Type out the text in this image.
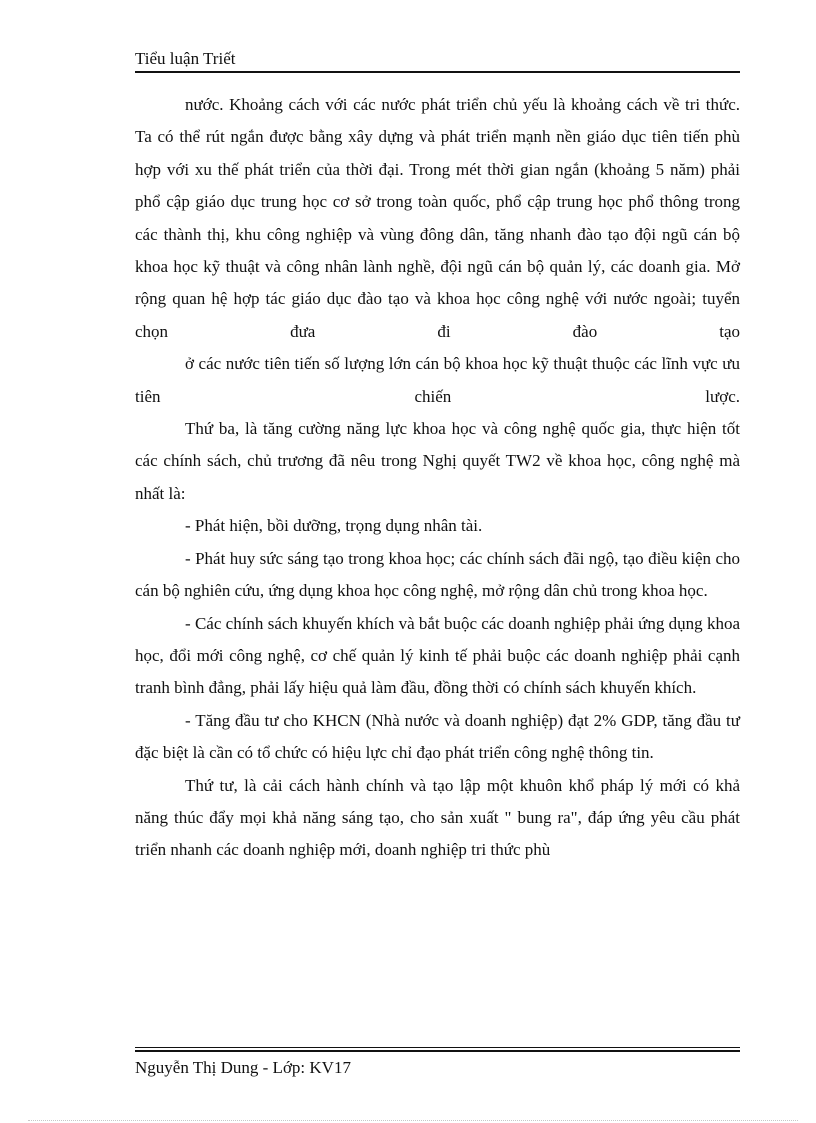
Tiểu luận Triết

nước. Khoảng cách với các nước phát triển chủ yếu là khoảng cách về tri thức. Ta có thể rút ngắn được bằng xây dựng và phát triển mạnh nền giáo dục tiên tiến phù hợp với xu thế phát triển của thời đại. Trong mét thời gian ngắn (khoảng 5 năm) phải phổ cập giáo dục trung học cơ sở trong toàn quốc, phổ cập trung học phổ thông trong các thành thị, khu công nghiệp và vùng đông dân, tăng nhanh đào tạo đội ngũ cán bộ khoa học kỹ thuật và công nhân lành nghề, đội ngũ cán bộ quản lý, các doanh gia. Mở rộng quan hệ hợp tác giáo dục đào tạo và khoa học công nghệ với nước ngoài; tuyển chọn đưa đi đào tạo

ở các nước tiên tiến số lượng lớn cán bộ khoa học kỹ thuật thuộc các lĩnh vực ưu tiên chiến lược.

Thứ ba, là tăng cường năng lực khoa học và công nghệ quốc gia, thực hiện tốt các chính sách, chủ trương đã nêu trong Nghị quyết TW2 về khoa học, công nghệ mà nhất là:

- Phát hiện, bồi dưỡng, trọng dụng nhân tài.

- Phát huy sức sáng tạo trong khoa học; các chính sách đãi ngộ, tạo điều kiện cho cán bộ nghiên cứu, ứng dụng khoa học công nghệ, mở rộng dân chủ trong khoa học.

- Các chính sách khuyến khích và bắt buộc các doanh nghiệp phải ứng dụng khoa học, đổi mới công nghệ, cơ chế quản lý kinh tế phải buộc các doanh nghiệp phải cạnh tranh bình đẳng, phải lấy hiệu quả làm đầu, đồng thời có chính sách khuyến khích.

- Tăng đầu tư cho KHCN (Nhà nước và doanh nghiệp) đạt 2% GDP, tăng đầu tư đặc biệt là cần có tổ chức có hiệu lực chỉ đạo phát triển công nghệ thông tin.

Thứ tư, là cải cách hành chính và tạo lập một khuôn khổ pháp lý mới có khả năng thúc đẩy mọi khả năng sáng tạo, cho sản xuất " bung ra", đáp ứng yêu cầu phát triển nhanh các doanh nghiệp mới, doanh nghiệp tri thức phù

Nguyễn Thị Dung - Lớp: KV17
